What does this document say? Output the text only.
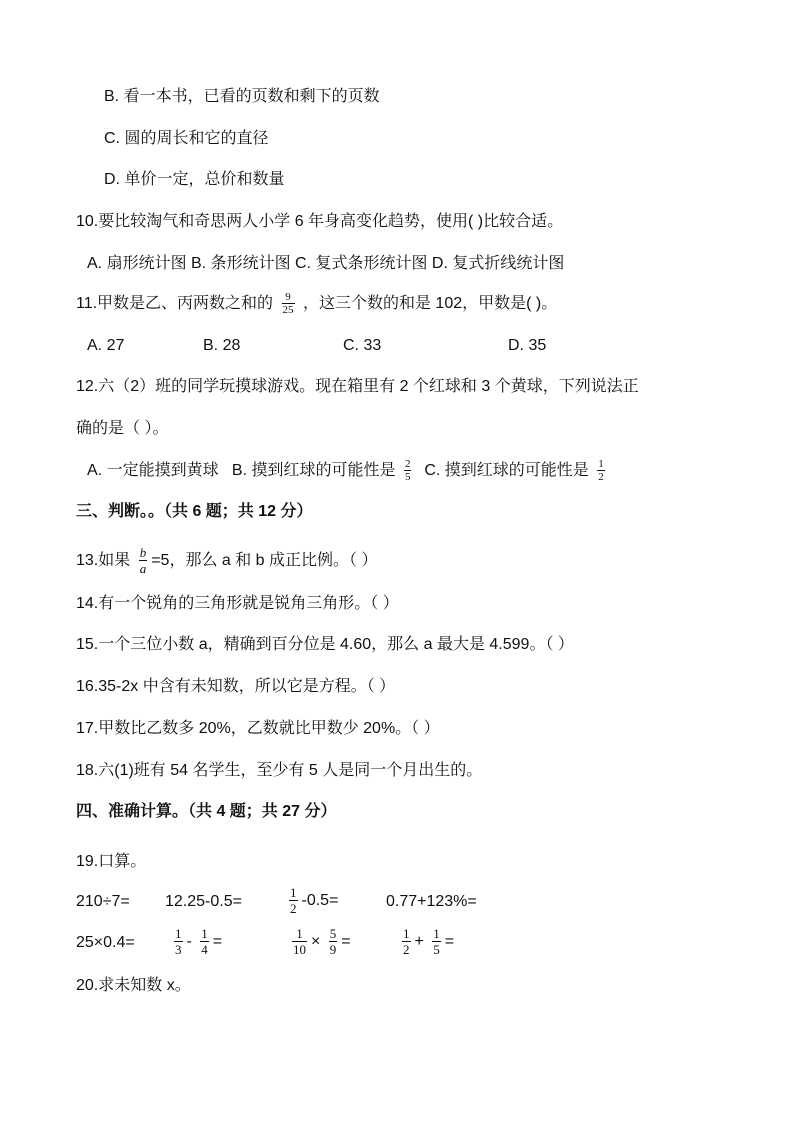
B. 看一本书，已看的页数和剩下的页数
C. 圆的周长和它的直径
D. 单价一定，总价和数量
10.要比较淘气和奇思两人小学 6 年身高变化趋势，使用( )比较合适。
A. 扇形统计图 B. 条形统计图 C. 复式条形统计图 D. 复式折线统计图
11.甲数是乙、丙两数之和的 $\frac{9}{25}$ ，这三个数的和是 102，甲数是( )。
A. 27	B. 28	C. 33	D. 35
12.六（2）班的同学玩摸球游戏。现在箱里有 2 个红球和 3 个黄球，下列说法正
确的是（ ）。
A. 一定能摸到黄球 B. 摸到红球的可能性是 $\frac{2}{5} C$. 摸到红球的可能性是 $\frac{1}{2}$
三、判断。。（共 6 题；共 12 分）
13.如果 $\frac{b}{a} =5$，那么 a 和 b 成正比例。（ ）
14.有一个锐角的三角形就是锐角三角形。（ ）
15.一个三位小数 a，精确到百分位是 4.60，那么 a 最大是 4.599。（ ）
16.35-2x 中含有未知数，所以它是方程。（ ）
17.甲数比乙数多 20%，乙数就比甲数少 20%。（ ）
18.六(1)班有 54 名学生，至少有 5 人是同一个月出生的。
四、准确计算。（共 4 题；共 27 分）
19.口算。
210÷7= 12.25-0.5=	$\frac{1}{2} -0.5=$	0.77+123%=
25×0.4=	$\frac{1}{3} - \frac{1}{4}$ =	$\frac{1}{10} \times \frac{5}{9}$ =	$\frac{1}{2} + \frac{1}{5}$ =
20.求未知数 x。
